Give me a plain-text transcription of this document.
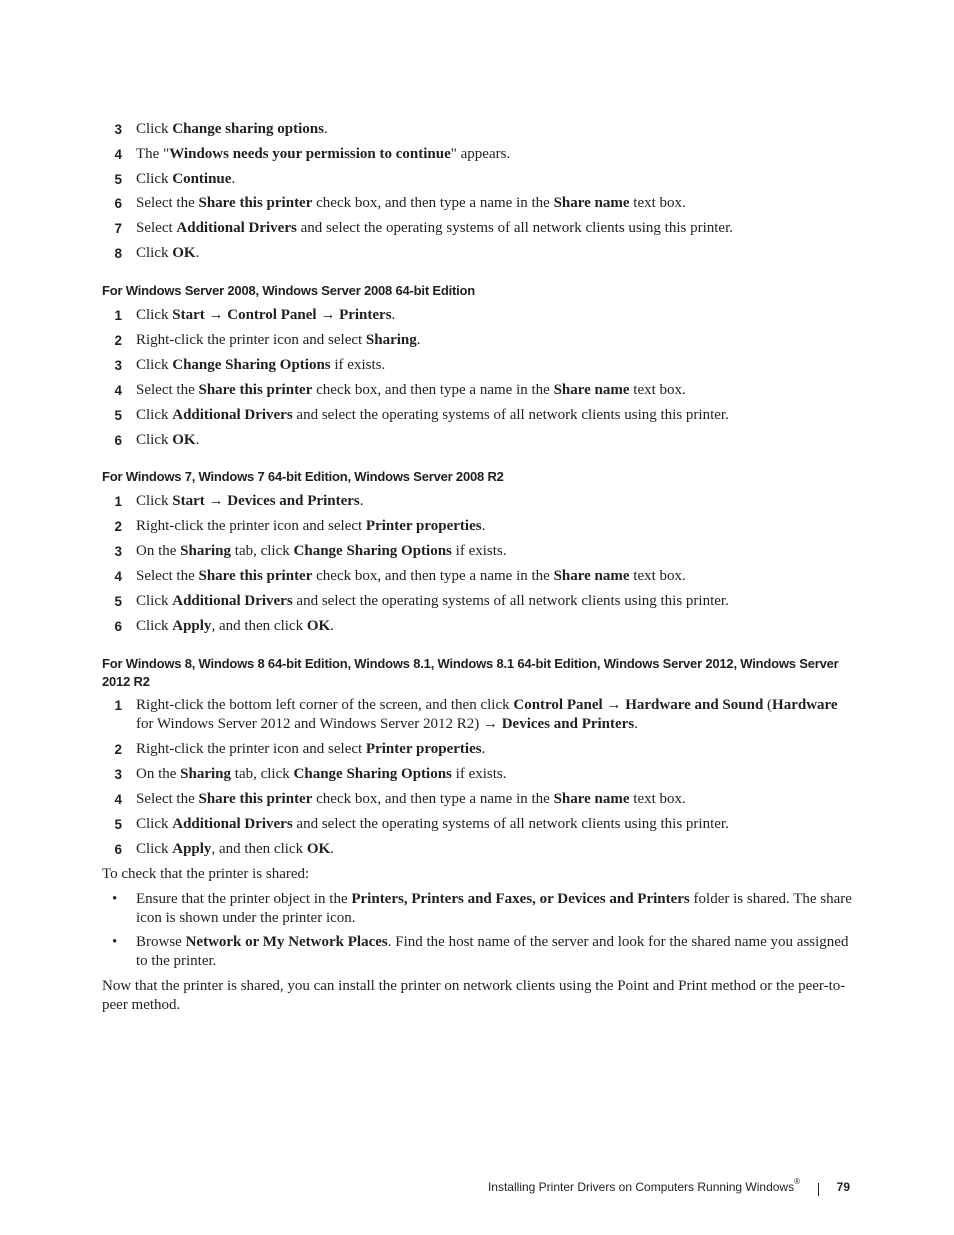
3 Click Change sharing options.
4 The "Windows needs your permission to continue" appears.
5 Click Continue.
6 Select the Share this printer check box, and then type a name in the Share name text box.
7 Select Additional Drivers and select the operating systems of all network clients using this printer.
8 Click OK.
For Windows Server 2008, Windows Server 2008 64-bit Edition
1 Click Start → Control Panel → Printers.
2 Right-click the printer icon and select Sharing.
3 Click Change Sharing Options if exists.
4 Select the Share this printer check box, and then type a name in the Share name text box.
5 Click Additional Drivers and select the operating systems of all network clients using this printer.
6 Click OK.
For Windows 7, Windows 7 64-bit Edition, Windows Server 2008 R2
1 Click Start → Devices and Printers.
2 Right-click the printer icon and select Printer properties.
3 On the Sharing tab, click Change Sharing Options if exists.
4 Select the Share this printer check box, and then type a name in the Share name text box.
5 Click Additional Drivers and select the operating systems of all network clients using this printer.
6 Click Apply, and then click OK.
For Windows 8, Windows 8 64-bit Edition, Windows 8.1, Windows 8.1 64-bit Edition, Windows Server 2012, Windows Server 2012 R2
1 Right-click the bottom left corner of the screen, and then click Control Panel → Hardware and Sound (Hardware for Windows Server 2012 and Windows Server 2012 R2) → Devices and Printers.
2 Right-click the printer icon and select Printer properties.
3 On the Sharing tab, click Change Sharing Options if exists.
4 Select the Share this printer check box, and then type a name in the Share name text box.
5 Click Additional Drivers and select the operating systems of all network clients using this printer.
6 Click Apply, and then click OK.
To check that the printer is shared:
• Ensure that the printer object in the Printers, Printers and Faxes, or Devices and Printers folder is shared. The share icon is shown under the printer icon.
• Browse Network or My Network Places. Find the host name of the server and look for the shared name you assigned to the printer.
Now that the printer is shared, you can install the printer on network clients using the Point and Print method or the peer-to-peer method.
Installing Printer Drivers on Computers Running Windows®	79
